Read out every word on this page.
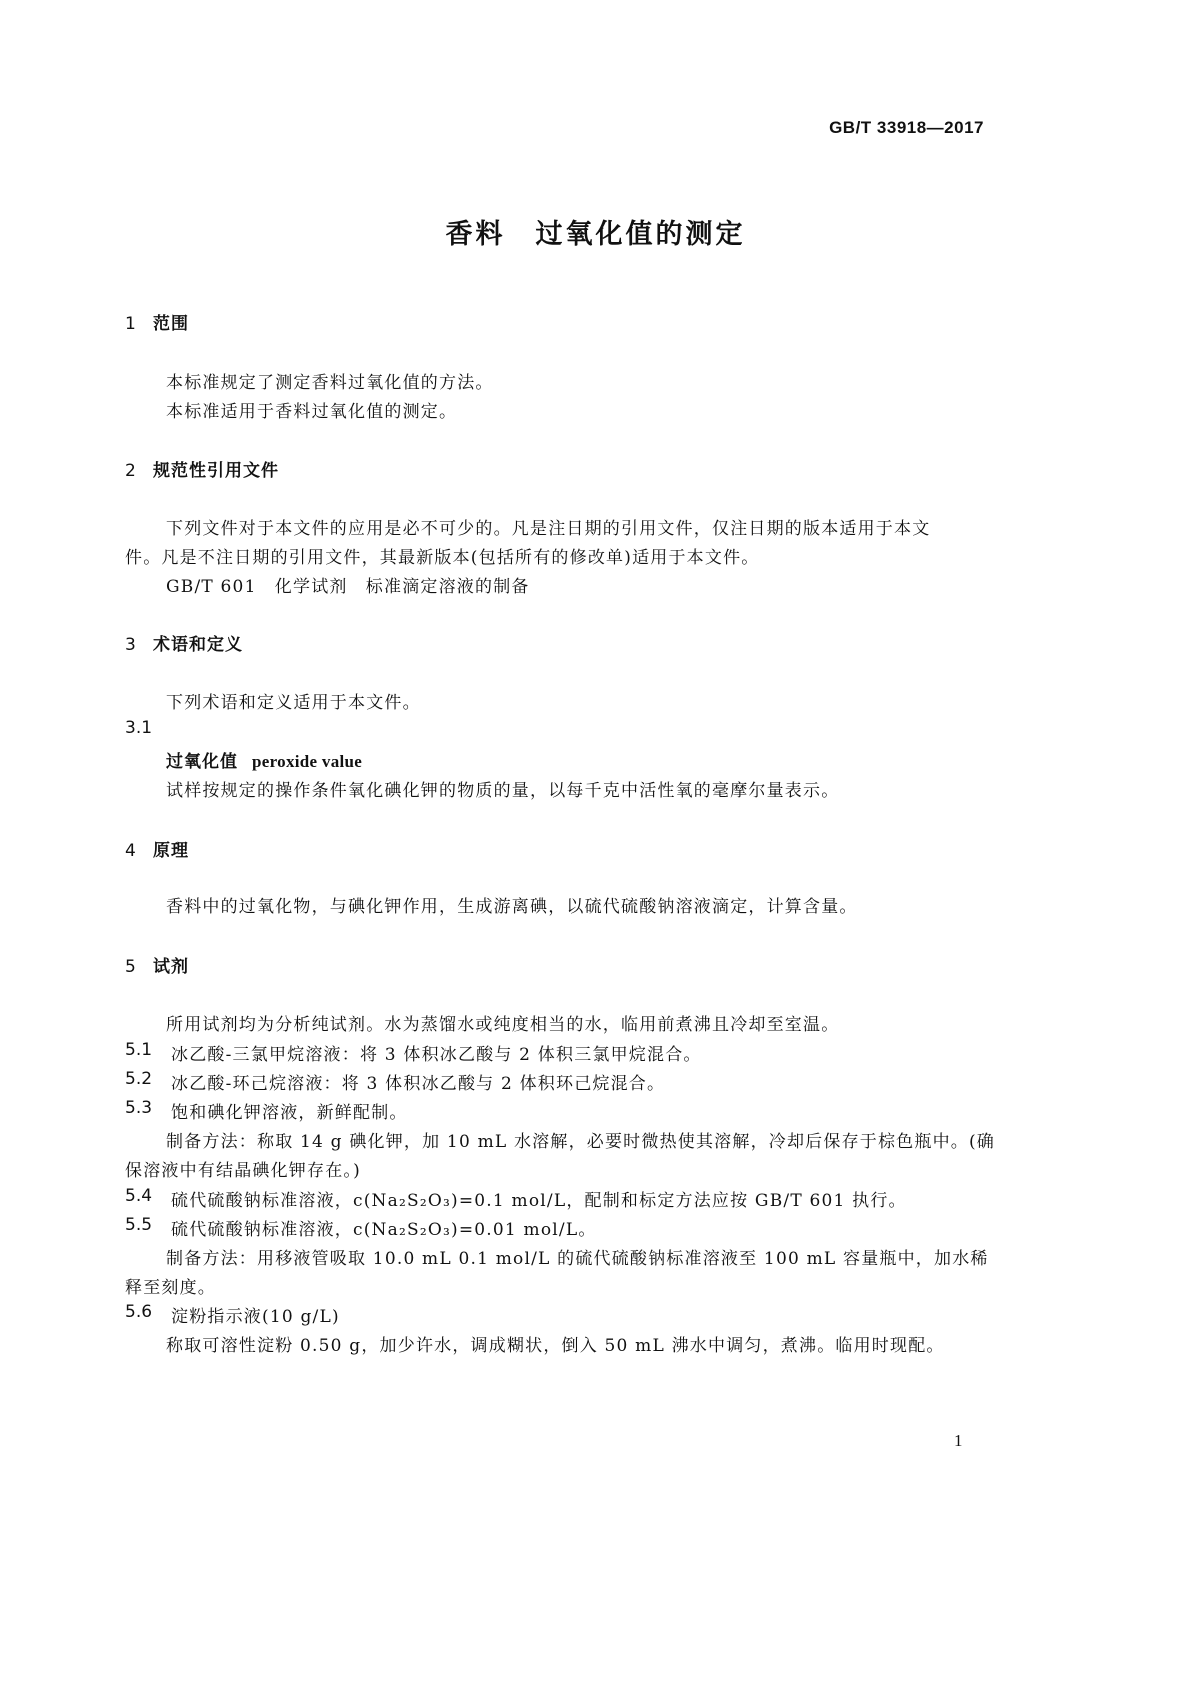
GB/T 33918—2017
香料　过氧化值的测定
1 范围
本标准规定了测定香料过氧化值的方法。
本标准适用于香料过氧化值的测定。
2 规范性引用文件
下列文件对于本文件的应用是必不可少的。凡是注日期的引用文件，仅注日期的版本适用于本文
件。凡是不注日期的引用文件，其最新版本(包括所有的修改单)适用于本文件。
GB/T 601　化学试剂　标准滴定溶液的制备
3 术语和定义
下列术语和定义适用于本文件。
3.1
过氧化值 peroxide value
试样按规定的操作条件氧化碘化钾的物质的量，以每千克中活性氧的毫摩尔量表示。
4 原理
香料中的过氧化物，与碘化钾作用，生成游离碘，以硫代硫酸钠溶液滴定，计算含量。
5 试剂
所用试剂均为分析纯试剂。水为蒸馏水或纯度相当的水，临用前煮沸且冷却至室温。
5.1 冰乙酸-三氯甲烷溶液：将 3 体积冰乙酸与 2 体积三氯甲烷混合。
5.2 冰乙酸-环己烷溶液：将 3 体积冰乙酸与 2 体积环己烷混合。
5.3 饱和碘化钾溶液，新鲜配制。
制备方法：称取 14 g 碘化钾，加 10 mL 水溶解，必要时微热使其溶解，冷却后保存于棕色瓶中。(确
保溶液中有结晶碘化钾存在。)
5.4 硫代硫酸钠标准溶液，c(Na₂S₂O₃)=0.1 mol/L，配制和标定方法应按 GB/T 601 执行。
5.5 硫代硫酸钠标准溶液，c(Na₂S₂O₃)=0.01 mol/L。
制备方法：用移液管吸取 10.0 mL 0.1 mol/L 的硫代硫酸钠标准溶液至 100 mL 容量瓶中，加水稀
释至刻度。
5.6 淀粉指示液(10 g/L)
称取可溶性淀粉 0.50 g，加少许水，调成糊状，倒入 50 mL 沸水中调匀，煮沸。临用时现配。
1
